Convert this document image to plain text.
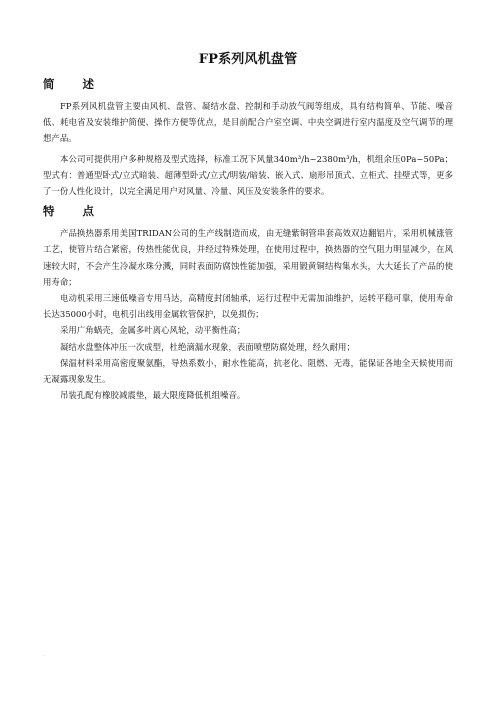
FP系列风机盘管
简 述

FP系列风机盘管主要由风机、盘管、凝结水盘、控制和手动放气阀等组成，具有结构简单、节能、噪音低、耗电省及安装维护简便、操作方便等优点，是目前配合户室空调、中央空调进行室内温度及空气调节的理想产品。

本公司可提供用户多种规格及型式选择，标准工况下风量340m³/h~2380m³/h，机组余压0Pa~50Pa；型式有：普通型卧式/立式暗装、超薄型卧式/立式/明装/暗装、嵌入式、扇形吊顶式、立柜式、挂壁式等，更多了一份人性化设计，以完全满足用户对风量、冷量、风压及安装条件的要求。

特 点

产品换热器系用美国TRIDAN公司的生产线制造而成，由无缝紫铜管串套高效双边翻铝片，采用机械涨管工艺，使管片结合紧密，传热性能优良，并经过特殊处理，在使用过程中，换热器的空气阻力明显减少，在风速较大时，不会产生冷凝水珠分溅，同时表面防腐蚀性能加强，采用锻黄铜结构集水头，大大延长了产品的使用寿命；

电动机采用三速低噪音专用马达，高精度封闭轴承，运行过程中无需加油维护，运转平稳可靠，使用寿命长达35000小时，电机引出线用金属软管保护，以免损伤；

采用广角蜗壳，金属多叶离心风轮，动平衡性高；

凝结水盘整体冲压一次成型，杜绝滴漏水现象，表面喷塑防腐处理，经久耐用；

保温材料采用高密度聚氨酯，导热系数小，耐水性能高，抗老化、阻燃、无毒，能保证各地全天候使用而无凝露现象发生。

吊装孔配有橡胶减震垫，最大限度降低机组噪音。

.
